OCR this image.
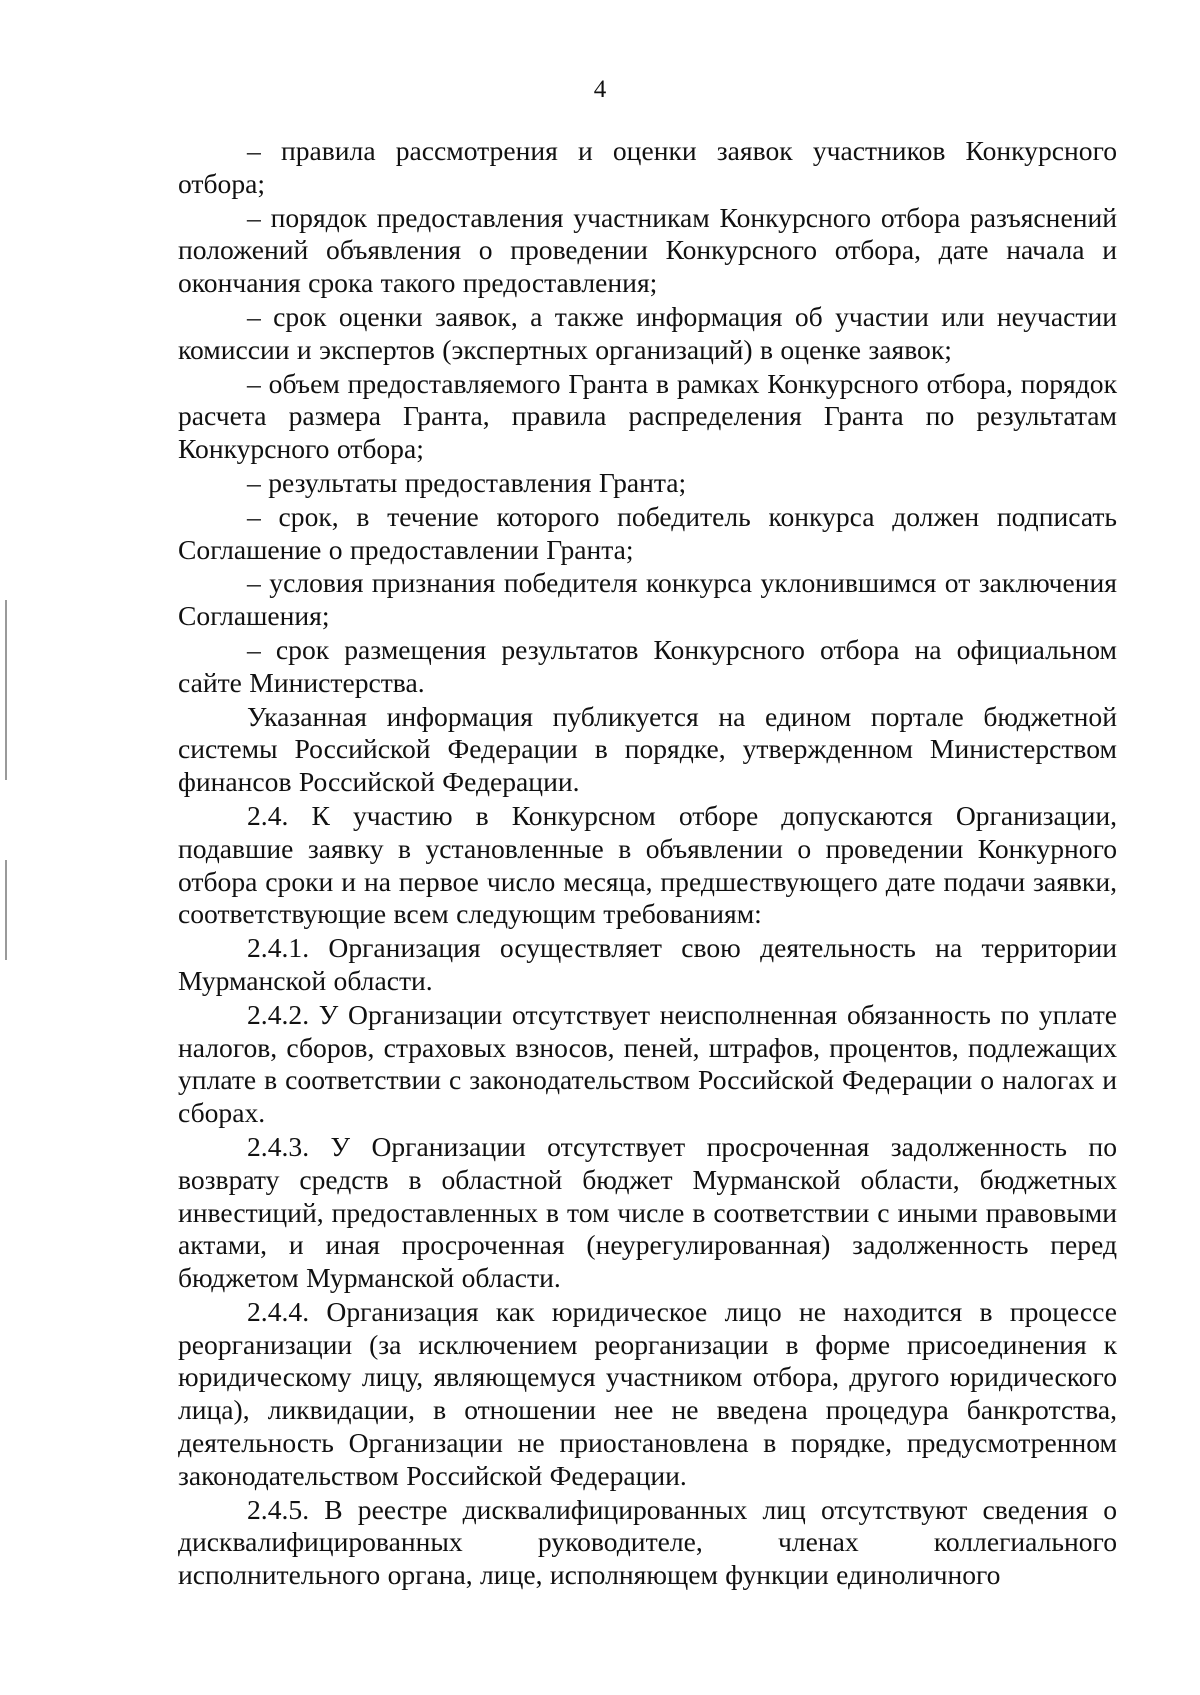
4

– правила рассмотрения и оценки заявок участников Конкурсного отбора;

– порядок предоставления участникам Конкурсного отбора разъяснений положений объявления о проведении Конкурсного отбора, дате начала и окончания срока такого предоставления;

– срок оценки заявок, а также информация об участии или неучастии комиссии и экспертов (экспертных организаций) в оценке заявок;

– объем предоставляемого Гранта в рамках Конкурсного отбора, порядок расчета размера Гранта, правила распределения Гранта по результатам Конкурсного отбора;

– результаты предоставления Гранта;

– срок, в течение которого победитель конкурса должен подписать Соглашение о предоставлении Гранта;

– условия признания победителя конкурса уклонившимся от заключения Соглашения;

– срок размещения результатов Конкурсного отбора на официальном сайте Министерства.

Указанная информация публикуется на едином портале бюджетной системы Российской Федерации в порядке, утвержденном Министерством финансов Российской Федерации.

2.4. К участию в Конкурсном отборе допускаются Организации, подавшие заявку в установленные в объявлении о проведении Конкурного отбора сроки и на первое число месяца, предшествующего дате подачи заявки, соответствующие всем следующим требованиям:

2.4.1. Организация осуществляет свою деятельность на территории Мурманской области.

2.4.2. У Организации отсутствует неисполненная обязанность по уплате налогов, сборов, страховых взносов, пеней, штрафов, процентов, подлежащих уплате в соответствии с законодательством Российской Федерации о налогах и сборах.

2.4.3. У Организации отсутствует просроченная задолженность по возврату средств в областной бюджет Мурманской области, бюджетных инвестиций, предоставленных в том числе в соответствии с иными правовыми актами, и иная просроченная (неурегулированная) задолженность перед бюджетом Мурманской области.

2.4.4. Организация как юридическое лицо не находится в процессе реорганизации (за исключением реорганизации в форме присоединения к юридическому лицу, являющемуся участником отбора, другого юридического лица), ликвидации, в отношении нее не введена процедура банкротства, деятельность Организации не приостановлена в порядке, предусмотренном законодательством Российской Федерации.

2.4.5. В реестре дисквалифицированных лиц отсутствуют сведения о дисквалифицированных руководителе, членах коллегиального исполнительного органа, лице, исполняющем функции единоличного
